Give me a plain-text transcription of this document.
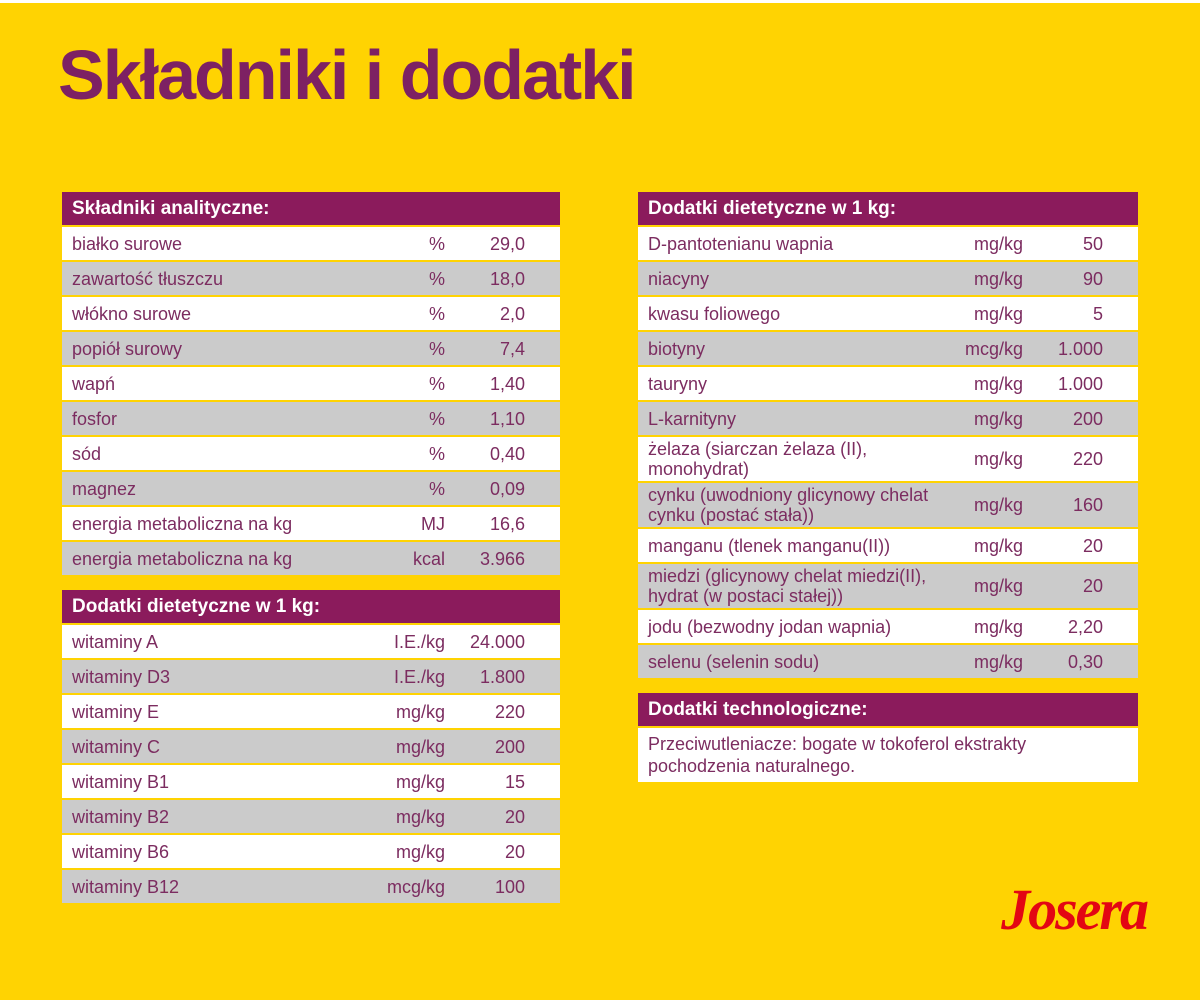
Składniki i dodatki
Składniki analityczne:
białko surowe	%	29,0
zawartość tłuszczu	%	18,0
włókno surowe	%	2,0
popiół surowy	%	7,4
wapń	%	1,40
fosfor	%	1,10
sód	%	0,40
magnez	%	0,09
energia metaboliczna na kg	MJ	16,6
energia metaboliczna na kg	kcal	3.966
Dodatki dietetyczne w 1 kg:
witaminy A	I.E./kg	24.000
witaminy D3	I.E./kg	1.800
witaminy E	mg/kg	220
witaminy C	mg/kg	200
witaminy B1	mg/kg	15
witaminy B2	mg/kg	20
witaminy B6	mg/kg	20
witaminy B12	mcg/kg	100
Dodatki dietetyczne w 1 kg:
D-pantotenianu wapnia	mg/kg	50
niacyny	mg/kg	90
kwasu foliowego	mg/kg	5
biotyny	mcg/kg	1.000
tauryny	mg/kg	1.000
L-karnityny	mg/kg	200
żelaza (siarczan żelaza (II), monohydrat)	mg/kg	220
cynku (uwodniony glicynowy chelat cynku (postać stała))	mg/kg	160
manganu (tlenek manganu(II))	mg/kg	20
miedzi (glicynowy chelat miedzi(II), hydrat (w postaci stałej))	mg/kg	20
jodu (bezwodny jodan wapnia)	mg/kg	2,20
selenu (selenin sodu)	mg/kg	0,30
Dodatki technologiczne:
Przeciwutleniacze: bogate w tokoferol ekstrakty pochodzenia naturalnego.
Josera
